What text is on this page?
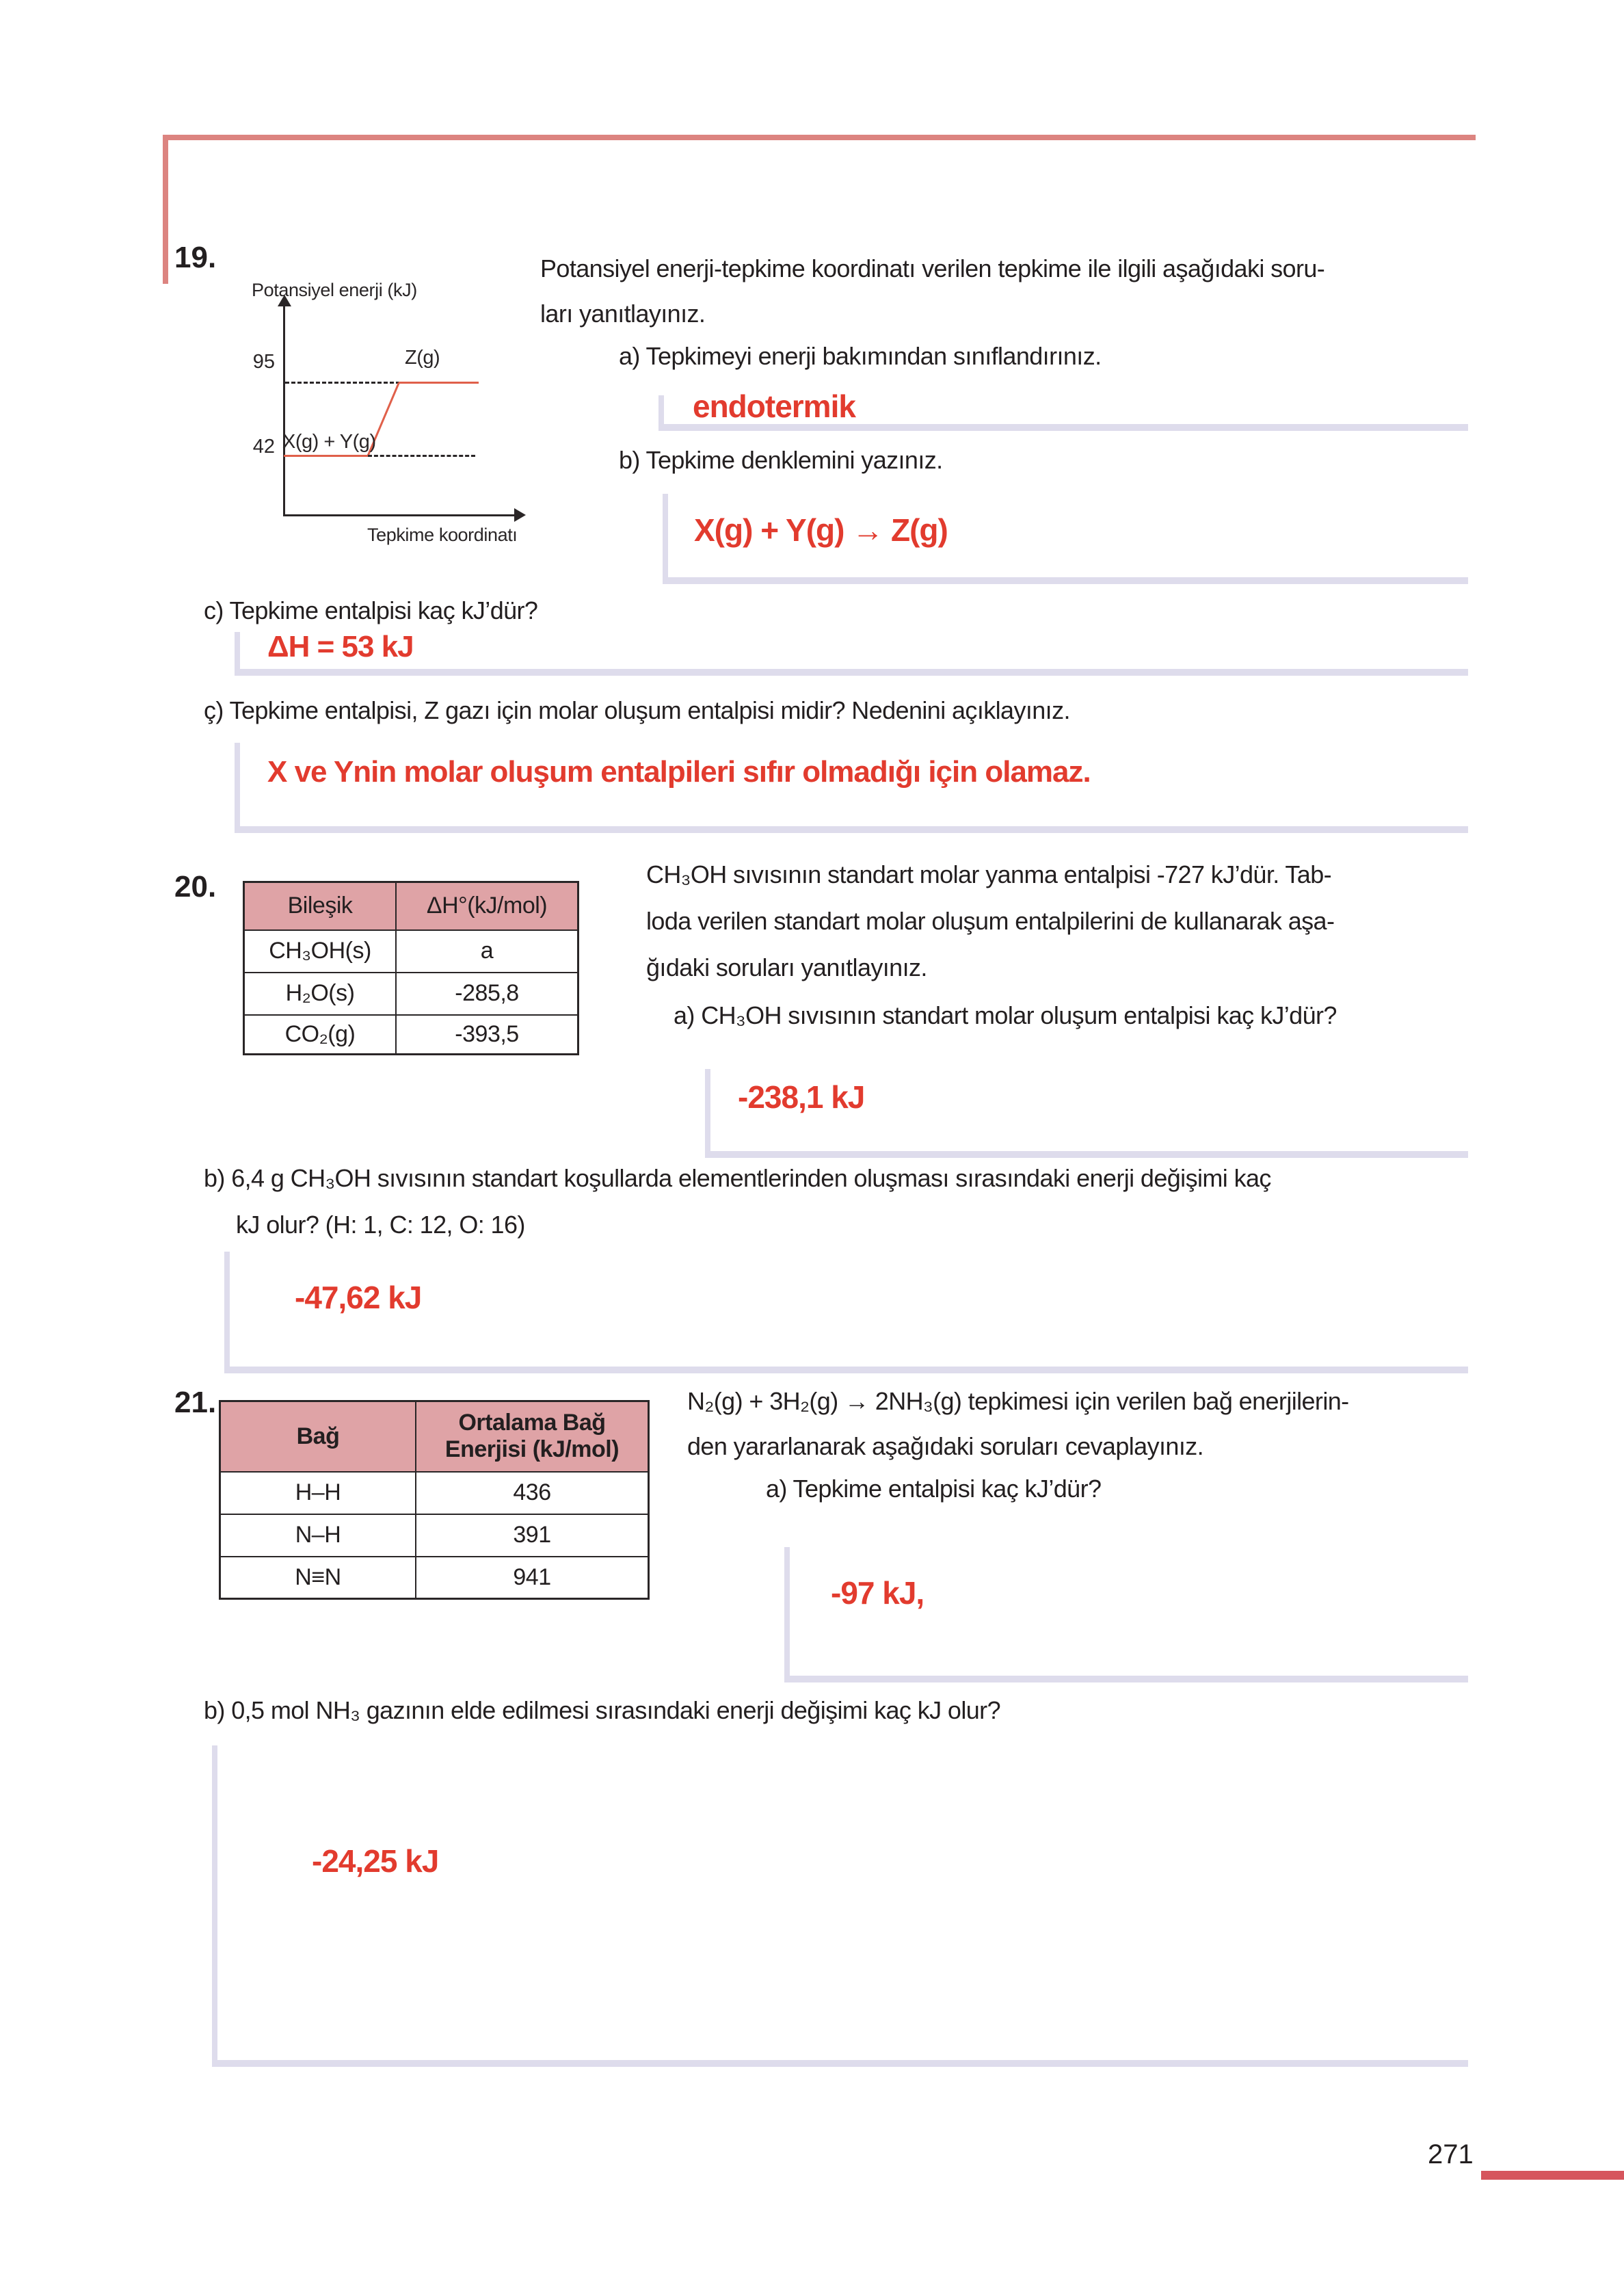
19.
Potansiyel enerji (kJ)
95
42
Z(g)
X(g) + Y(g)
Tepkime koordinatı
Potansiyel enerji-tepkime koordinatı verilen tepkime ile ilgili aşağıdaki soru-
ları yanıtlayınız.
a) Tepkimeyi enerji bakımından sınıflandırınız.
endotermik
b) Tepkime denklemini yazınız.
X(g) + Y(g) → Z(g)
c) Tepkime entalpisi kaç kJ’dür?
ΔH = 53 kJ
ç) Tepkime entalpisi, Z gazı için molar oluşum entalpisi midir? Nedenini açıklayınız.
X ve Ynin molar oluşum entalpileri sıfır olmadığı için olamaz.
20.
Bileşik	ΔH°(kJ/mol)
CH₃OH(s)	a
H₂O(s)	-285,8
CO₂(g)	-393,5
CH₃OH sıvısının standart molar yanma entalpisi -727 kJ’dür. Tab-
loda verilen standart molar oluşum entalpilerini de kullanarak aşa-
ğıdaki soruları yanıtlayınız.
a) CH₃OH sıvısının standart molar oluşum entalpisi kaç kJ’dür?
-238,1 kJ
b) 6,4 g CH₃OH sıvısının standart koşullarda elementlerinden oluşması sırasındaki enerji değişimi kaç
kJ olur? (H: 1, C: 12, O: 16)
-47,62 kJ
21.
Bağ	Ortalama Bağ Enerjisi (kJ/mol)
H–H	436
N–H	391
N≡N	941
N₂(g) + 3H₂(g) → 2NH₃(g) tepkimesi için verilen bağ enerjilerin-
den yararlanarak aşağıdaki soruları cevaplayınız.
a) Tepkime entalpisi kaç kJ’dür?
-97 kJ,
b) 0,5 mol NH₃ gazının elde edilmesi sırasındaki enerji değişimi kaç kJ olur?
-24,25 kJ
271
